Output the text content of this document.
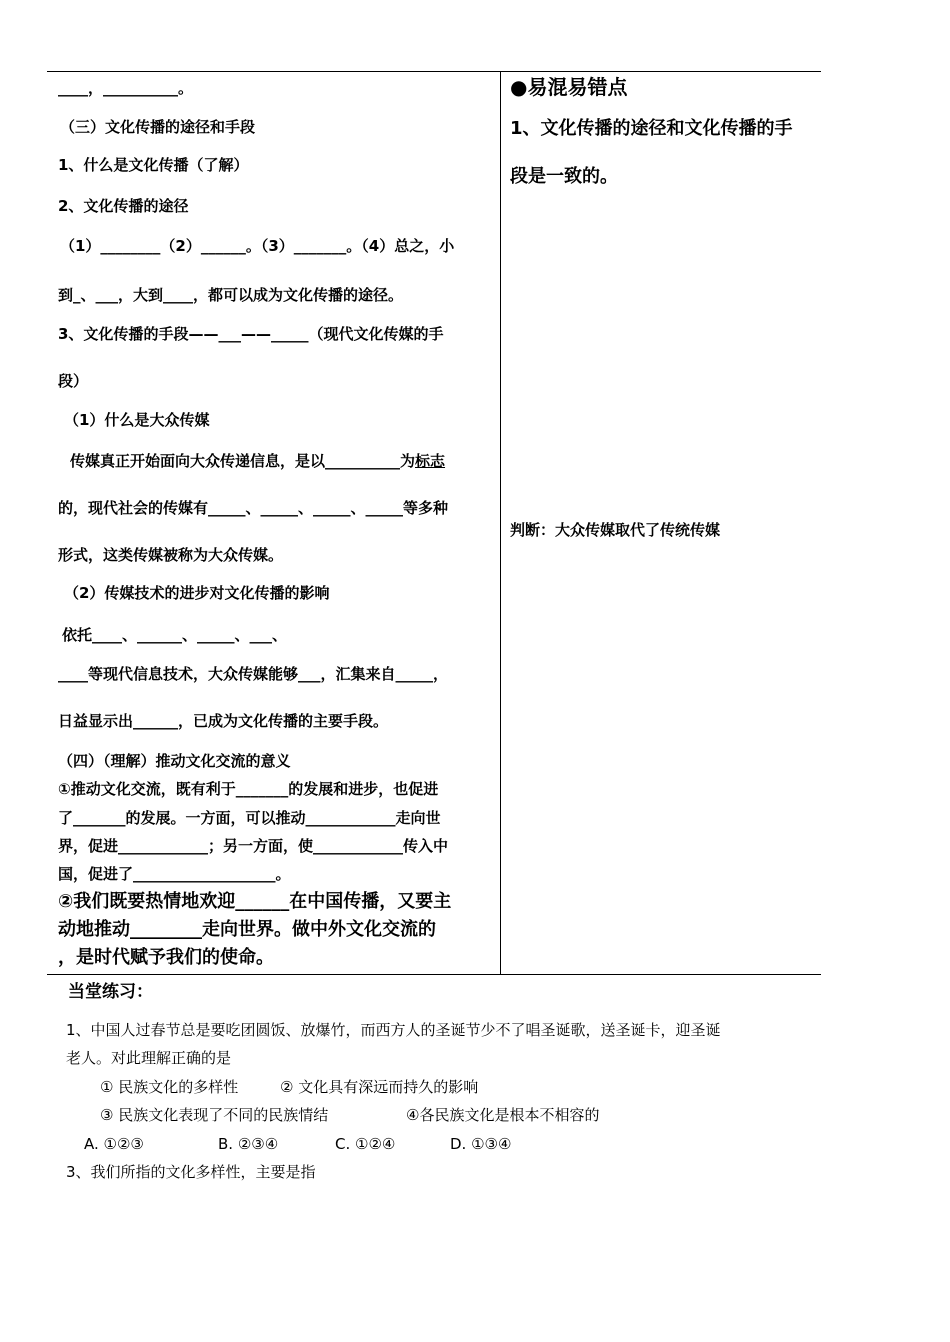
____，__________。
（三）文化传播的途径和手段
1、什么是文化传播（了解）
2、文化传播的途径
（1）________（2）______。（3）_______。（4）总之，小
到_、___，大到____，都可以成为文化传播的途径。
3、文化传播的手段——___——_____（现代文化传媒的手
段）
（1）什么是大众传媒
传媒真正开始面向大众传递信息，是以__________为标志
的，现代社会的传媒有_____、_____、_____、_____等多种
形式，这类传媒被称为大众传媒。
（2）传媒技术的进步对文化传播的影响
依托____、______、_____、___、
____等现代信息技术，大众传媒能够___，汇集来自_____，
日益显示出______，已成为文化传播的主要手段。
（四）（理解）推动文化交流的意义
①推动文化交流，既有利于_______的发展和进步，也促进
了_______的发展。一方面，可以推动____________走向世
界，促进____________；另一方面，使____________传入中
国，促进了___________________。
②我们既要热情地欢迎______在中国传播，又要主
动地推动________走向世界。做中外文化交流的
，是时代赋予我们的使命。
●易混易错点
1、文化传播的途径和文化传播的手
段是一致的。
判断：大众传媒取代了传统传媒
当堂练习：
1、中国人过春节总是要吃团圆饭、放爆竹，而西方人的圣诞节少不了唱圣诞歌，送圣诞卡，迎圣诞
老人。对此理解正确的是
① 民族文化的多样性	② 文化具有深远而持久的影响
③ 民族文化表现了不同的民族情结	④各民族文化是根本不相容的
A. ①②③	B. ②③④	C. ①②④	D. ①③④
3、我们所指的文化多样性，主要是指
